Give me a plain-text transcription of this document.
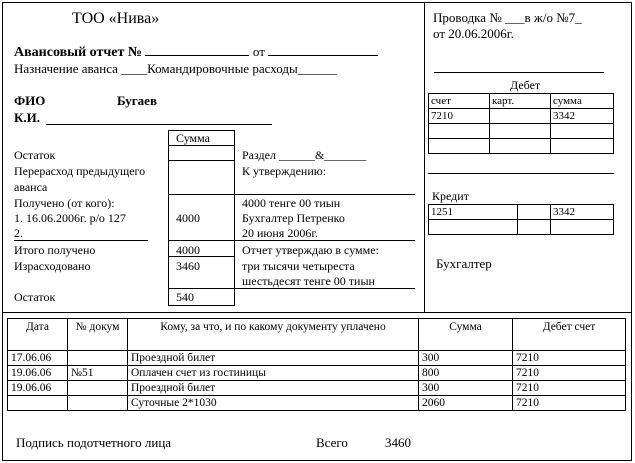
ТОО «Нива»
Авансовый отчет №	от
Назначение аванса ____Командировочные расходы______
ФИО	Бугаев
К.И.
Сумма
Остаток
Перерасход предыдущего
аванса
Получено (от кого):
1. 16.06.2006г. р/о 127	4000
2.
Итого получено	4000
Израсходовано	3460
Остаток	540
Раздел ______&_______
К утверждению:
4000 тенге 00 тиын
Бухгалтер Петренко
20 июня 2006г.
Отчет утверждаю в сумме:
три тысячи четыреста
шестьдесят тенге 00 тиын
Проводка № ___в ж/о №7_
от 20.06.2006г.
Дебет
счет	карт.	сумма
7210		3342

Кредит
1251		3342

Бухгалтер
Дата	№ докум	Кому, за что, и по какому документу уплачено	Сумма	Дебет счет
17.06.06		Проездной билет	300	7210
19.06.06	№51	Оплачен счет из гостиницы	800	7210
19.06.06		Проездной билет	300	7210
		Суточные 2*1030	2060	7210
Подпись подотчетного лица	Всего	3460
